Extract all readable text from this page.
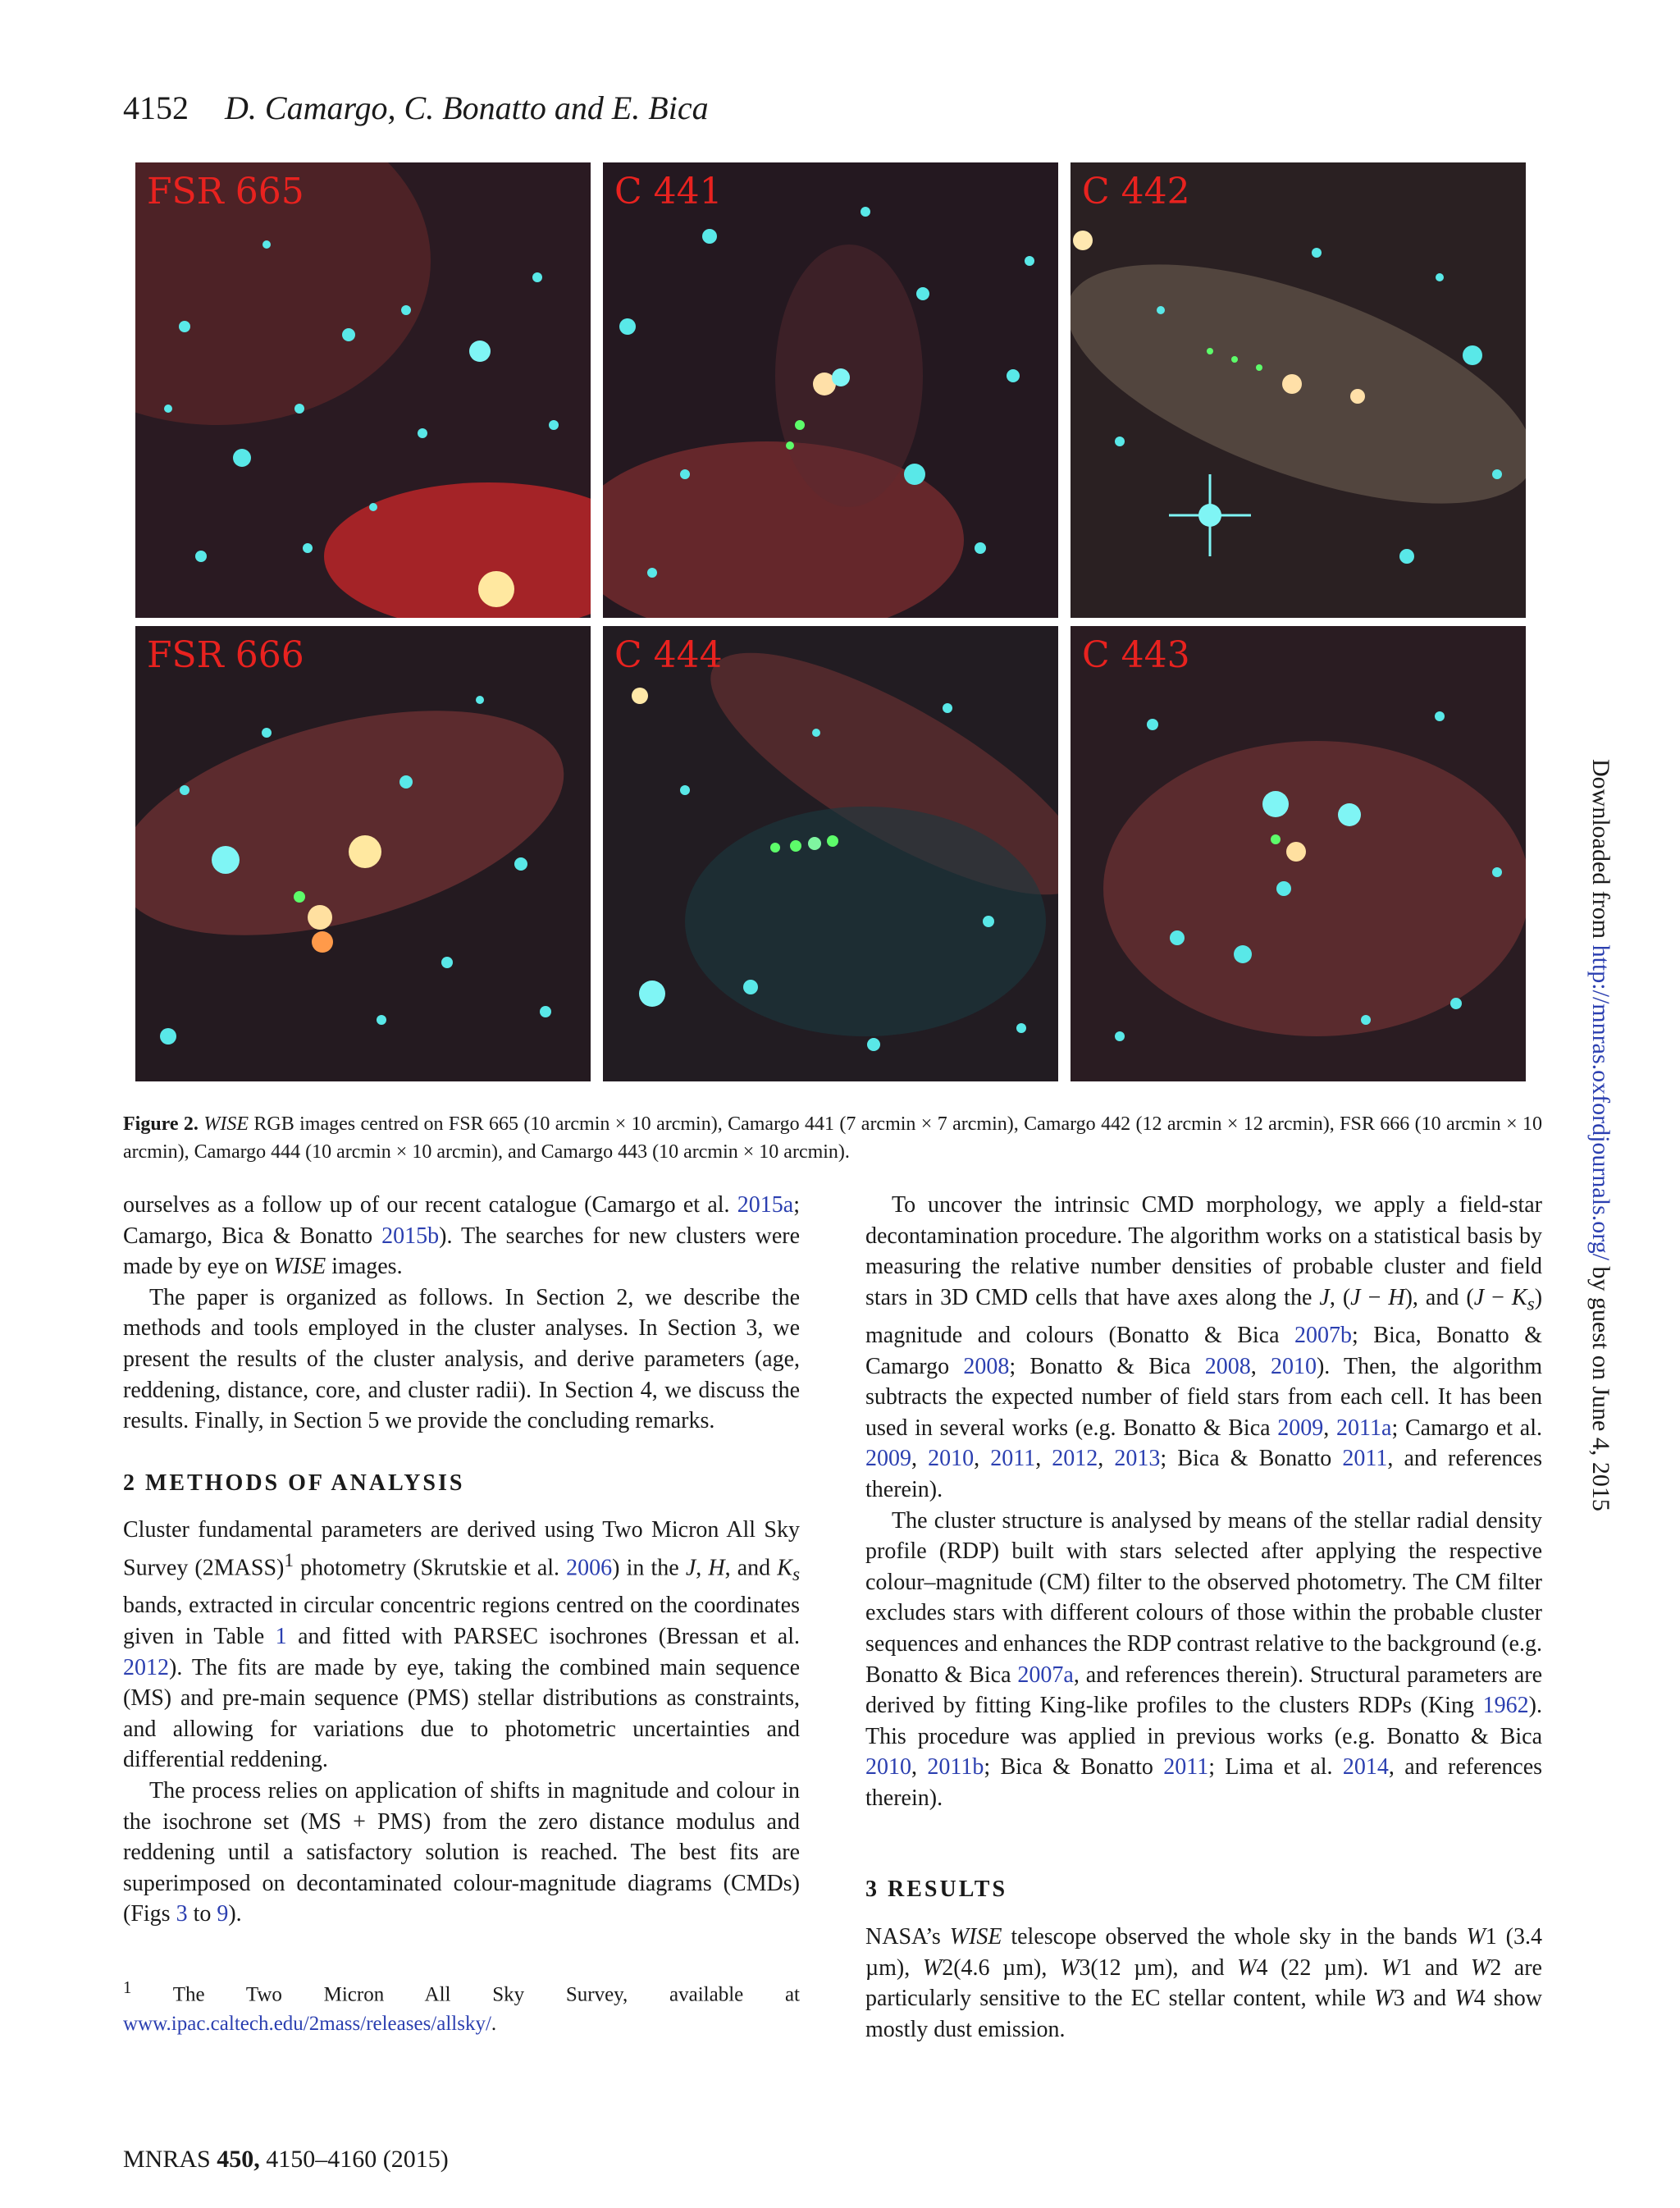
4152 D. Camargo, C. Bonatto and E. Bica
FSR 665	C 441	C 442
FSR 666	C 444	C 443
Figure 2. WISE RGB images centred on FSR 665 (10 arcmin × 10 arcmin), Camargo 441 (7 arcmin × 7 arcmin), Camargo 442 (12 arcmin × 12 arcmin), FSR 666 (10 arcmin × 10 arcmin), Camargo 444 (10 arcmin × 10 arcmin), and Camargo 443 (10 arcmin × 10 arcmin).

ourselves as a follow up of our recent catalogue (Camargo et al. 2015a; Camargo, Bica & Bonatto 2015b). The searches for new clusters were made by eye on WISE images.

The paper is organized as follows. In Section 2, we describe the methods and tools employed in the cluster analyses. In Section 3, we present the results of the cluster analysis, and derive parameters (age, reddening, distance, core, and cluster radii). In Section 4, we discuss the results. Finally, in Section 5 we provide the concluding remarks.

2 METHODS OF ANALYSIS

Cluster fundamental parameters are derived using Two Micron All Sky Survey (2MASS)$^1$ photometry (Skrutskie et al. 2006) in the J, H, and $K_s$ bands, extracted in circular concentric regions centred on the coordinates given in Table 1 and fitted with PARSEC isochrones (Bressan et al. 2012). The fits are made by eye, taking the combined main sequence (MS) and pre-main sequence (PMS) stellar distributions as constraints, and allowing for variations due to photometric uncertainties and differential reddening.

The process relies on application of shifts in magnitude and colour in the isochrone set (MS + PMS) from the zero distance modulus and reddening until a satisfactory solution is reached. The best fits are superimposed on decontaminated colour-magnitude diagrams (CMDs) (Figs 3 to 9).

$^1$ The Two Micron All Sky Survey, available at www.ipac.caltech.edu/2mass/releases/allsky/.

To uncover the intrinsic CMD morphology, we apply a field-star decontamination procedure. The algorithm works on a statistical basis by measuring the relative number densities of probable cluster and field stars in 3D CMD cells that have axes along the J, (J − H), and $(J - K_s)$ magnitude and colours (Bonatto & Bica 2007b; Bica, Bonatto & Camargo 2008; Bonatto & Bica 2008, 2010). Then, the algorithm subtracts the expected number of field stars from each cell. It has been used in several works (e.g. Bonatto & Bica 2009, 2011a; Camargo et al. 2009, 2010, 2011, 2012, 2013; Bica & Bonatto 2011, and references therein).

The cluster structure is analysed by means of the stellar radial density profile (RDP) built with stars selected after applying the respective colour–magnitude (CM) filter to the observed photometry. The CM filter excludes stars with different colours of those within the probable cluster sequences and enhances the RDP contrast relative to the background (e.g. Bonatto & Bica 2007a, and references therein). Structural parameters are derived by fitting King-like profiles to the clusters RDPs (King 1962). This procedure was applied in previous works (e.g. Bonatto & Bica 2010, 2011b; Bica & Bonatto 2011; Lima et al. 2014, and references therein).

3 RESULTS

NASA’s WISE telescope observed the whole sky in the bands W1 (3.4 µm), W2(4.6 µm), W3(12 µm), and W4 (22 µm). W1 and W2 are particularly sensitive to the EC stellar content, while W3 and W4 show mostly dust emission.

MNRAS 450, 4150–4160 (2015)
Downloaded from http://mnras.oxfordjournals.org/ by guest on June 4, 2015
